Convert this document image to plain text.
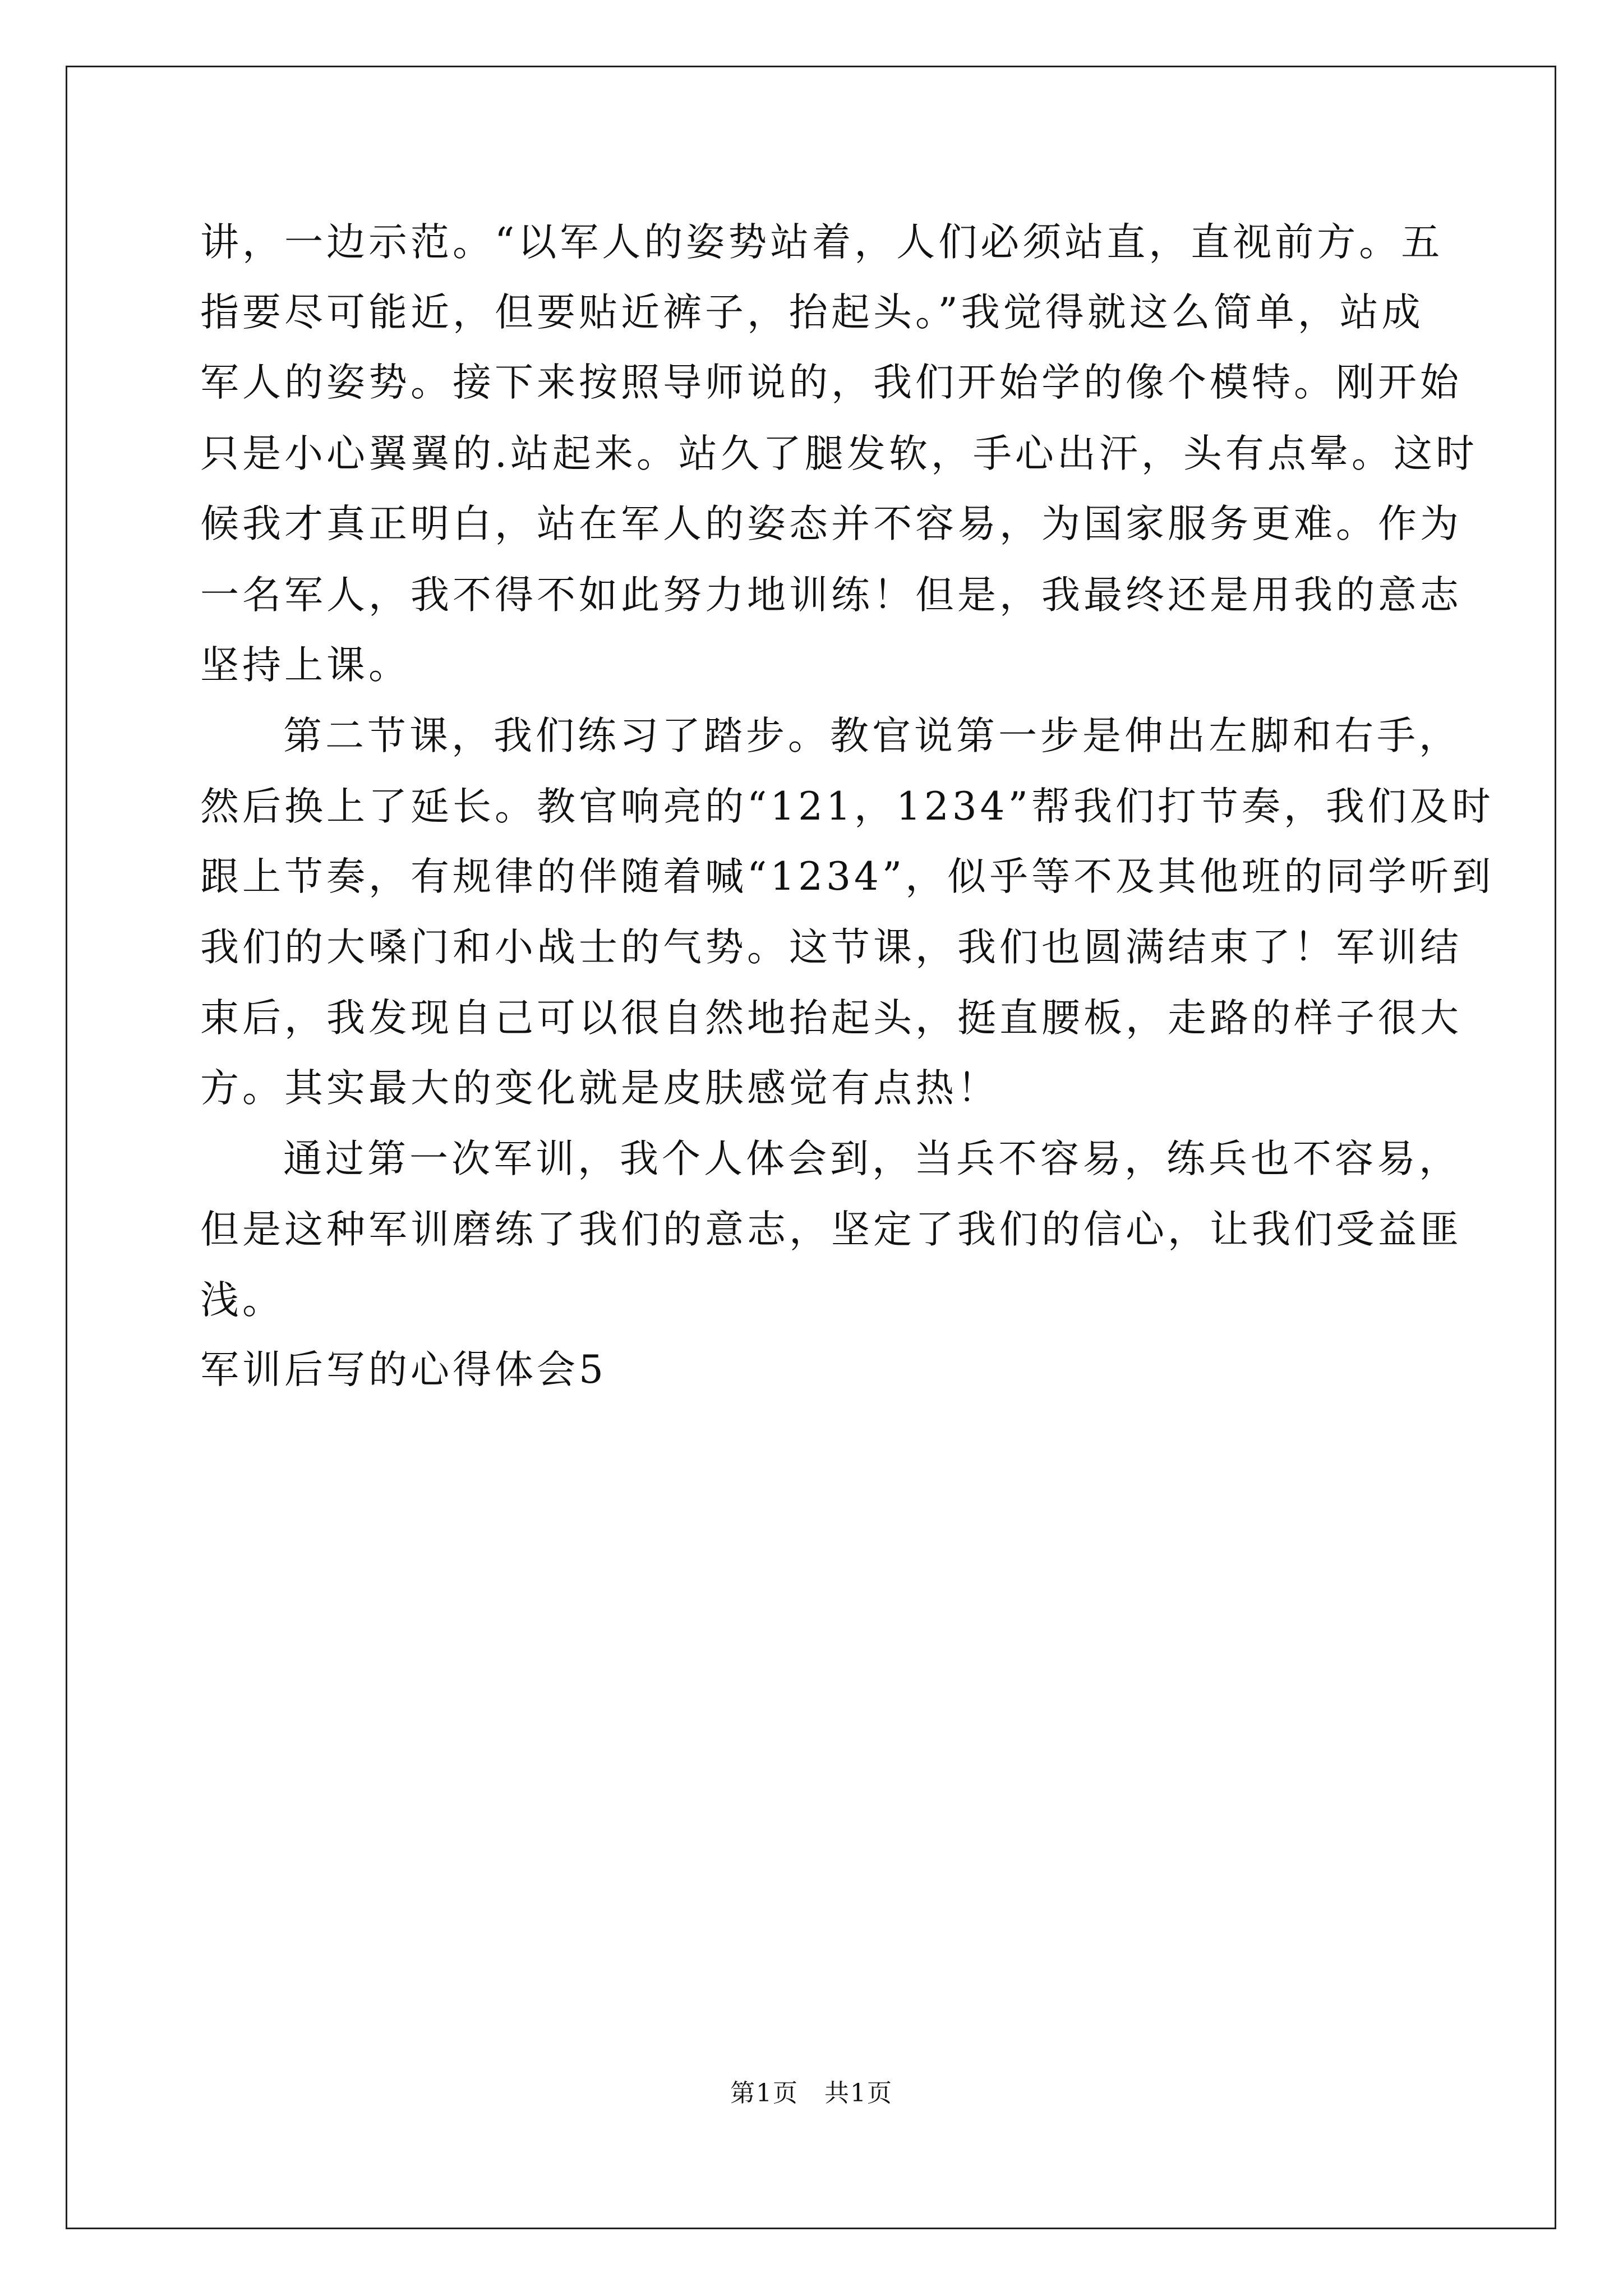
讲，一边示范。“以军人的姿势站着，人们必须站直，直视前方。五
指要尽可能近，但要贴近裤子，抬起头。”我觉得就这么简单，站成
军人的姿势。接下来按照导师说的，我们开始学的像个模特。刚开始
只是小心翼翼的.站起来。站久了腿发软，手心出汗，头有点晕。这时
候我才真正明白，站在军人的姿态并不容易，为国家服务更难。作为
一名军人，我不得不如此努力地训练！但是，我最终还是用我的意志
坚持上课。
第二节课，我们练习了踏步。教官说第一步是伸出左脚和右手，
然后换上了延长。教官响亮的“121，1234”帮我们打节奏，我们及时
跟上节奏，有规律的伴随着喊“1234”，似乎等不及其他班的同学听到
我们的大嗓门和小战士的气势。这节课，我们也圆满结束了！军训结
束后，我发现自己可以很自然地抬起头，挺直腰板，走路的样子很大
方。其实最大的变化就是皮肤感觉有点热！
通过第一次军训，我个人体会到，当兵不容易，练兵也不容易，
但是这种军训磨练了我们的意志，坚定了我们的信心，让我们受益匪
浅。
军训后写的心得体会5
第1页　共1页
